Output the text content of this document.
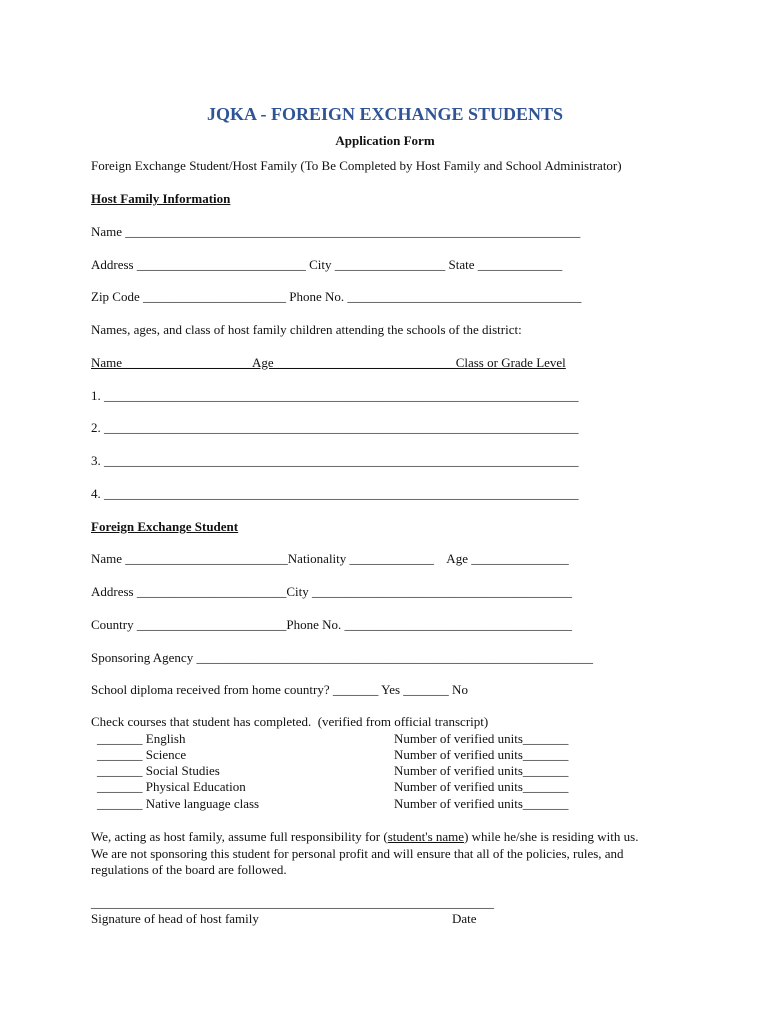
JQKA - FOREIGN EXCHANGE STUDENTS

Application Form

Foreign Exchange Student/Host Family (To Be Completed by Host Family and School Administrator)

Host Family Information

Name ______________________________________________________________________

Address __________________________ City _________________ State _____________

Zip Code ______________________ Phone No. ____________________________________

Names, ages, and class of host family children attending the schools of the district:

Name____________________Age____________________________Class or Grade Level

1. _________________________________________________________________________

2. _________________________________________________________________________

3. _________________________________________________________________________

4. _________________________________________________________________________

Foreign Exchange Student

Name _________________________Nationality _____________    Age _______________

Address _______________________City ________________________________________

Country _______________________Phone No. ___________________________________

Sponsoring Agency _____________________________________________________________

School diploma received from home country? _______ Yes _______ No

Check courses that student has completed.  (verified from official transcript)

_______ English

_______ Science

_______ Social Studies

_______ Physical Education

_______ Native language class

Number of verified units_______

Number of verified units_______

Number of verified units_______

Number of verified units_______

Number of verified units_______

We, acting as host family, assume full responsibility for (student's name) while he/she is residing with us.

We are not sponsoring this student for personal profit and will ensure that all of the policies, rules, and

regulations of the board are followed.

______________________________________________________________

Signature of head of host family	Date
